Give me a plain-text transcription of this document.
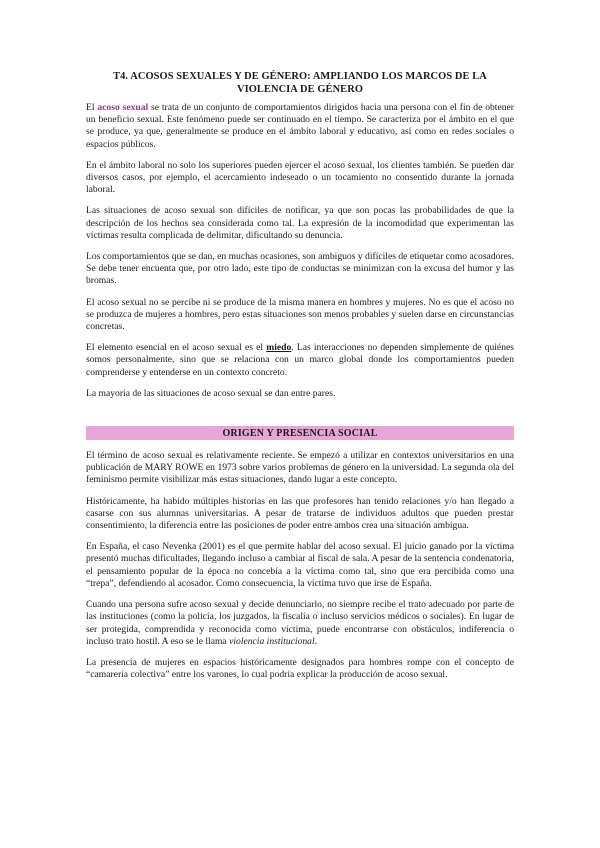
T4. ACOSOS SEXUALES Y DE GÉNERO: AMPLIANDO LOS MARCOS DE LA VIOLENCIA DE GÉNERO

El acoso sexual se trata de un conjunto de comportamientos dirigidos hacia una persona con el fin de obtener un beneficio sexual. Este fenómeno puede ser continuado en el tiempo. Se caracteriza por el ámbito en el que se produce, ya que, generalmente se produce en el ámbito laboral y educativo, así como en redes sociales o espacios públicos.

En el ámbito laboral no solo los superiores pueden ejercer el acoso sexual, los clientes también. Se pueden dar diversos casos, por ejemplo, el acercamiento indeseado o un tocamiento no consentido durante la jornada laboral.

Las situaciones de acoso sexual son difíciles de notificar, ya que son pocas las probabilidades de que la descripción de los hechos sea considerada como tal. La expresión de la incomodidad que experimentan las víctimas resulta complicada de delimitar, dificultando su denuncia.

Los comportamientos que se dan, en muchas ocasiones, son ambiguos y difíciles de etiquetar como acosadores. Se debe tener encuenta que, por otro lado, este tipo de conductas se minimizan con la excusa del humor y las bromas.

El acoso sexual no se percibe ni se produce de la misma manera en hombres y mujeres. No es que el acoso no se produzca de mujeres a hombres, pero estas situaciones son menos probables y suelen darse en circunstancias concretas.

El elemento esencial en el acoso sexual es el miedo. Las interacciones no dependen simplemente de quiénes somos personalmente, sino que se relaciona con un marco global donde los comportamientos pueden comprenderse y entenderse en un contexto concreto.

La mayoría de las situaciones de acoso sexual se dan entre pares.

ORIGEN Y PRESENCIA SOCIAL

El término de acoso sexual es relativamente reciente. Se empezó a utilizar en contextos universitarios en una publicación de MARY ROWE en 1973 sobre varios problemas de género en la universidad. La segunda ola del feminismo permite visibilizar más estas situaciones, dando lugar a este concepto.

Históricamente, ha habido múltiples historias en las que profesores han tenido relaciones y/o han llegado a casarse con sus alumnas universitarias. A pesar de tratarse de individuos adultos que pueden prestar consentimiento, la diferencia entre las posiciones de poder entre ambos crea una situación ambigua.

En España, el caso Nevenka (2001) es el que permite hablar del acoso sexual. El juicio ganado por la víctima presentó muchas dificultades, llegando incluso a cambiar al fiscal de sala. A pesar de la sentencia condenatoria, el pensamiento popular de la época no concebía a la víctima como tal, sino que era percibida como una “trepa”, defendiendo al acosador. Como consecuencia, la víctima tuvo que irse de España.

Cuando una persona sufre acoso sexual y decide denunciarlo, no siempre recibe el trato adecuado por parte de las instituciones (como la policía, los juzgados, la fiscalía o incluso servicios médicos o sociales). En lugar de ser protegida, comprendida y reconocida como víctima, puede encontrarse con obstáculos, indiferencia o incluso trato hostil. A eso se le llama violencia institucional.

La presencia de mujeres en espacios históricamente designados para hombres rompe con el concepto de “camarería colectiva” entre los varones, lo cual podría explicar la producción de acoso sexual.
